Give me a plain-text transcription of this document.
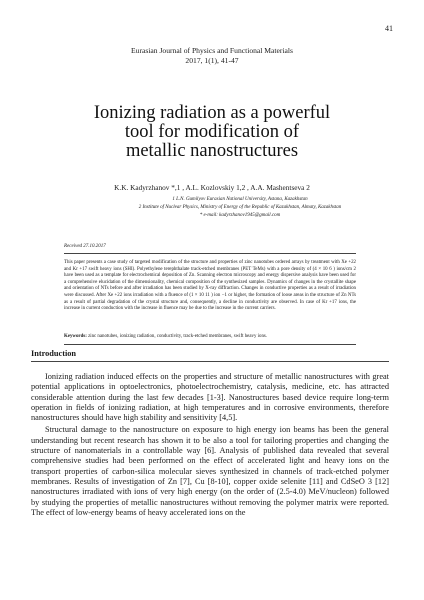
41
Eurasian Journal of Physics and Functional Materials
2017, 1(1), 41-47
Ionizing radiation as a powerful
tool for modification of
metallic nanostructures
K.K. Kadyrzhanov *,1 , A.L. Kozlovskiy 1,2 , A.A. Mashentseva 2
1 L.N. Gumilyov Eurasian National University, Astana, Kazakhstan
2 Institute of Nuclear Physics, Ministry of Energy of the Republic of Kazakhstan, Almaty, Kazakhstan
* e-mail: kadyrzhanov1945@gmail.com
Received 27.10.2017
This paper presents a case study of targeted modification of the structure and properties of zinc nanotubes ordered arrays by treatment with Xe +22 and Kr +17 swift heavy ions (SHI). Polyethylene terephthalate track-etched membranes (PET TeMs) with a pore density of (4 × 10 6 ) ions/cm 2 have been used as a template for electrochemical deposition of Zn. Scanning electron microscopy and energy dispersive analysis have been used for a comprehensive elucidation of the dimensionality, chemical composition of the synthesized samples. Dynamics of changes in the crystallite shape and orientation of NTs before and after irradiation has been studied by X-ray diffraction. Changes in conductive properties as a result of irradiation were discussed. After Xe +22 ions irradiation with a fluence of (1 × 10 11 ) ion −1 or higher, the formation of loose areas in the structure of Zn NTs as a result of partial degradation of the crystal structure and, consequently, a decline in conductivity are observed. In case of Kr +17 ions, the increase in current conduction with the increase in fluence may be due to the increase in the current carriers.
Keywords: zinc nanotubes, ionizing radiation, conductivity, track-etched membranes, swift heavy ions.
Introduction

Ionizing radiation induced effects on the properties and structure of metallic nanostructures with great potential applications in optoelectronics, photoelectrochemistry, catalysis, medicine, etc. has attracted considerable attention during the last few decades [1-3]. Nanostructures based device require long-term operation in fields of ionizing radiation, at high temperatures and in corrosive environments, therefore nanostructures should have high stability and sensitivity [4,5].

Structural damage to the nanostructure on exposure to high energy ion beams has been the general understanding but recent research has shown it to be also a tool for tailoring properties and changing the structure of nanomaterials in a controllable way [6]. Analysis of published data revealed that several comprehensive studies had been performed on the effect of accelerated light and heavy ions on the transport properties of carbon-silica molecular sieves synthesized in channels of track-etched polymer membranes. Results of investigation of Zn [7], Cu [8-10], copper oxide selenite [11] and CdSeO 3 [12] nanostructures irradiated with ions of very high energy (on the order of (2.5-4.0) MeV/nucleon) followed by studying the properties of metallic nanostructures without removing the polymer matrix were reported. The effect of low-energy beams of heavy accelerated ions on the
